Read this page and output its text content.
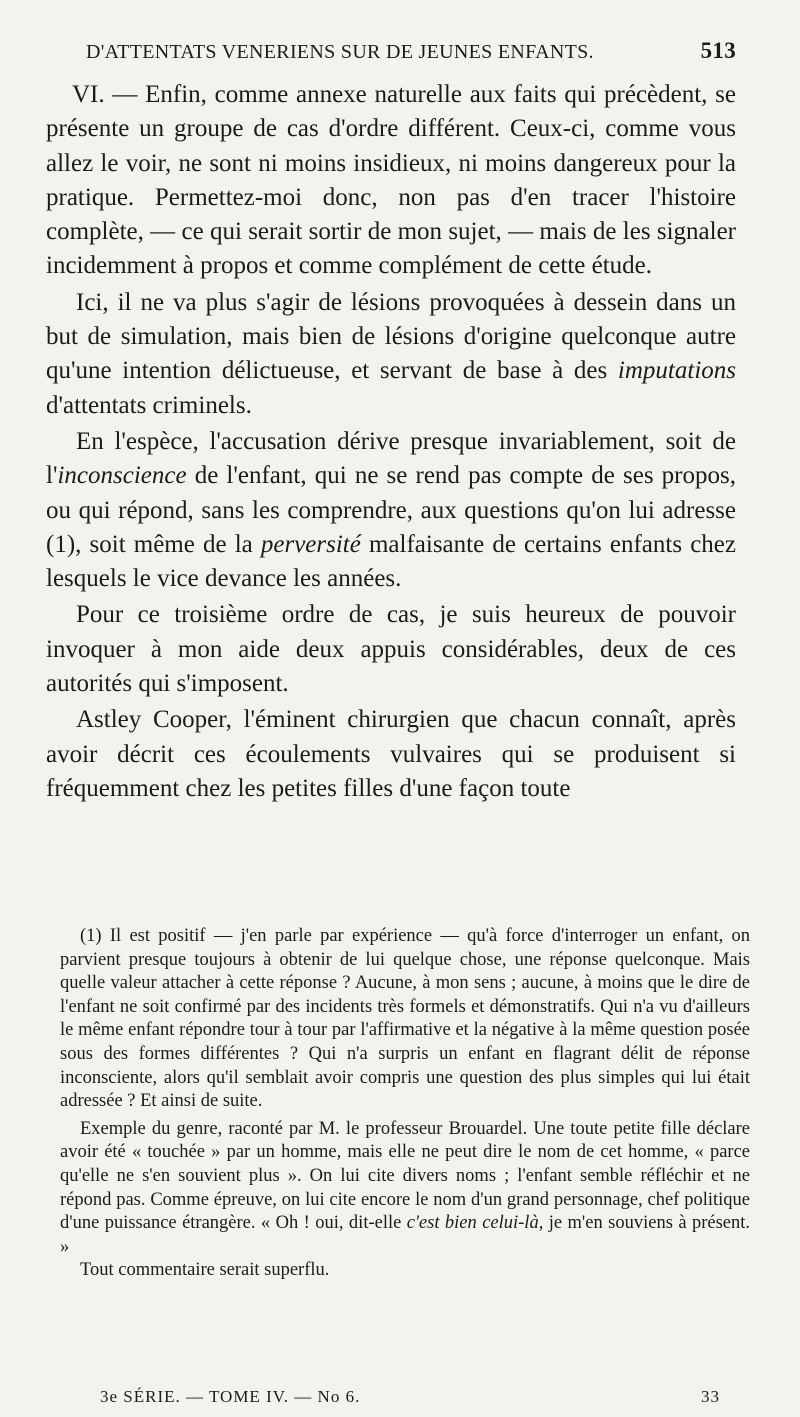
D'ATTENTATS VENERIENS SUR DE JEUNES ENFANTS.	513

VI. — Enfin, comme annexe naturelle aux faits qui précèdent, se présente un groupe de cas d'ordre différent. Ceux-ci, comme vous allez le voir, ne sont ni moins insidieux, ni moins dangereux pour la pratique. Permettez-moi donc, non pas d'en tracer l'histoire complète, — ce qui serait sortir de mon sujet, — mais de les signaler incidemment à propos et comme complément de cette étude.

Ici, il ne va plus s'agir de lésions provoquées à dessein dans un but de simulation, mais bien de lésions d'origine quelconque autre qu'une intention délictueuse, et servant de base à des imputations d'attentats criminels.

En l'espèce, l'accusation dérive presque invariablement, soit de l'inconscience de l'enfant, qui ne se rend pas compte de ses propos, ou qui répond, sans les comprendre, aux questions qu'on lui adresse (1), soit même de la perversité malfaisante de certains enfants chez lesquels le vice devance les années.

Pour ce troisième ordre de cas, je suis heureux de pouvoir invoquer à mon aide deux appuis considérables, deux de ces autorités qui s'imposent.

Astley Cooper, l'éminent chirurgien que chacun connaît, après avoir décrit ces écoulements vulvaires qui se produisent si fréquemment chez les petites filles d'une façon toute

(1) Il est positif — j'en parle par expérience — qu'à force d'interroger un enfant, on parvient presque toujours à obtenir de lui quelque chose, une réponse quelconque. Mais quelle valeur attacher à cette réponse ? Aucune, à mon sens ; aucune, à moins que le dire de l'enfant ne soit confirmé par des incidents très formels et démonstratifs. Qui n'a vu d'ailleurs le même enfant répondre tour à tour par l'affirmative et la négative à la même question posée sous des formes différentes ? Qui n'a surpris un enfant en flagrant délit de réponse inconsciente, alors qu'il semblait avoir compris une question des plus simples qui lui était adressée ? Et ainsi de suite.

Exemple du genre, raconté par M. le professeur Brouardel. Une toute petite fille déclare avoir été « touchée » par un homme, mais elle ne peut dire le nom de cet homme, « parce qu'elle ne s'en souvient plus ». On lui cite divers noms ; l'enfant semble réfléchir et ne répond pas. Comme épreuve, on lui cite encore le nom d'un grand personnage, chef politique d'une puissance étrangère. « Oh ! oui, dit-elle c'est bien celui-là, je m'en souviens à présent. »

Tout commentaire serait superflu.

3e SÉRIE. — TOME IV. — No 6.	33
